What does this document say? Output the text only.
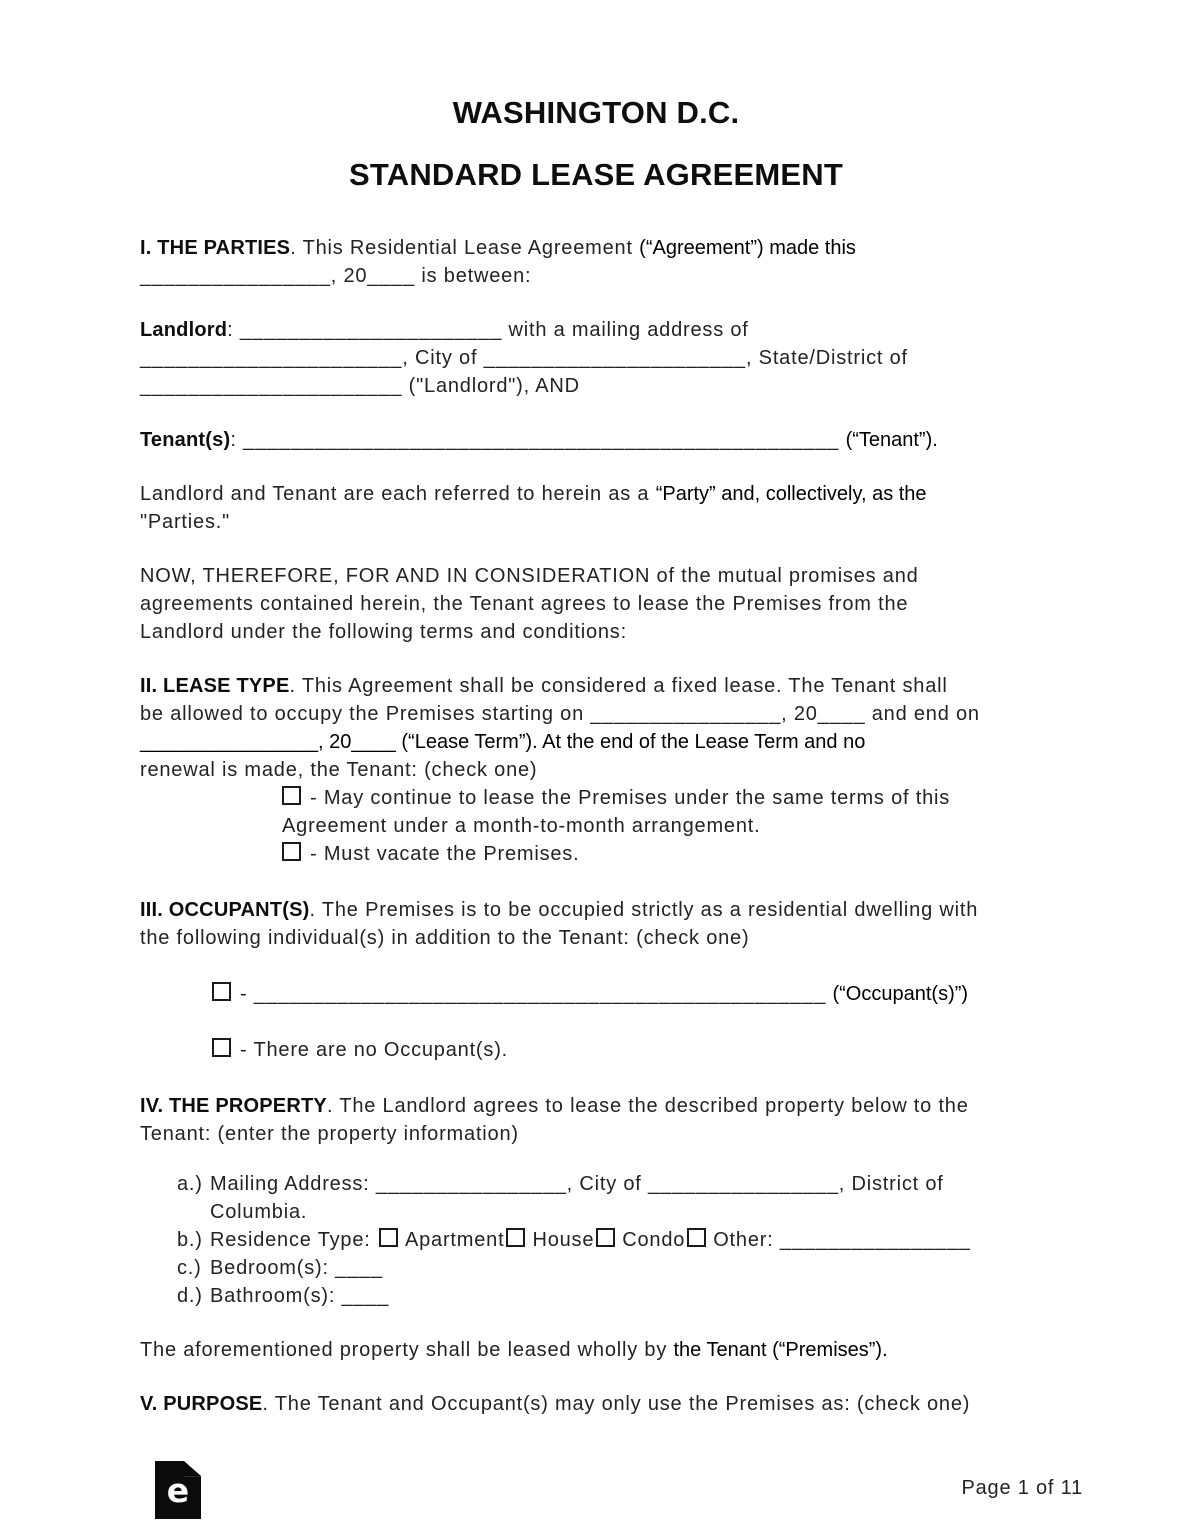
WASHINGTON D.C.
STANDARD LEASE AGREEMENT
I. THE PARTIES. This Residential Lease Agreement (“Agreement”) made this
________________, 20____ is between:
Landlord: ______________________ with a mailing address of
______________________, City of ______________________, State/District of
______________________ ("Landlord"), AND
Tenant(s): __________________________________________________ (“Tenant”).
Landlord and Tenant are each referred to herein as a “Party” and, collectively, as the
"Parties."
NOW, THEREFORE, FOR AND IN CONSIDERATION of the mutual promises and
agreements contained herein, the Tenant agrees to lease the Premises from the
Landlord under the following terms and conditions:
II. LEASE TYPE. This Agreement shall be considered a fixed lease. The Tenant shall
be allowed to occupy the Premises starting on ________________, 20____ and end on
________________, 20____ (“Lease Term”). At the end of the Lease Term and no
renewal is made, the Tenant: (check one)
- May continue to lease the Premises under the same terms of this
Agreement under a month-to-month arrangement.
- Must vacate the Premises.
III. OCCUPANT(S). The Premises is to be occupied strictly as a residential dwelling with
the following individual(s) in addition to the Tenant: (check one)
- ________________________________________________ (“Occupant(s)”)
- There are no Occupant(s).
IV. THE PROPERTY. The Landlord agrees to lease the described property below to the
Tenant: (enter the property information)
a.) Mailing Address: ________________, City of ________________, District of
Columbia.
b.) Residence Type: Apartment House Condo Other: ________________
c.) Bedroom(s): ____
d.) Bathroom(s): ____
The aforementioned property shall be leased wholly by the Tenant (“Premises”).
V. PURPOSE. The Tenant and Occupant(s) may only use the Premises as: (check one)
e	Page 1 of 11
